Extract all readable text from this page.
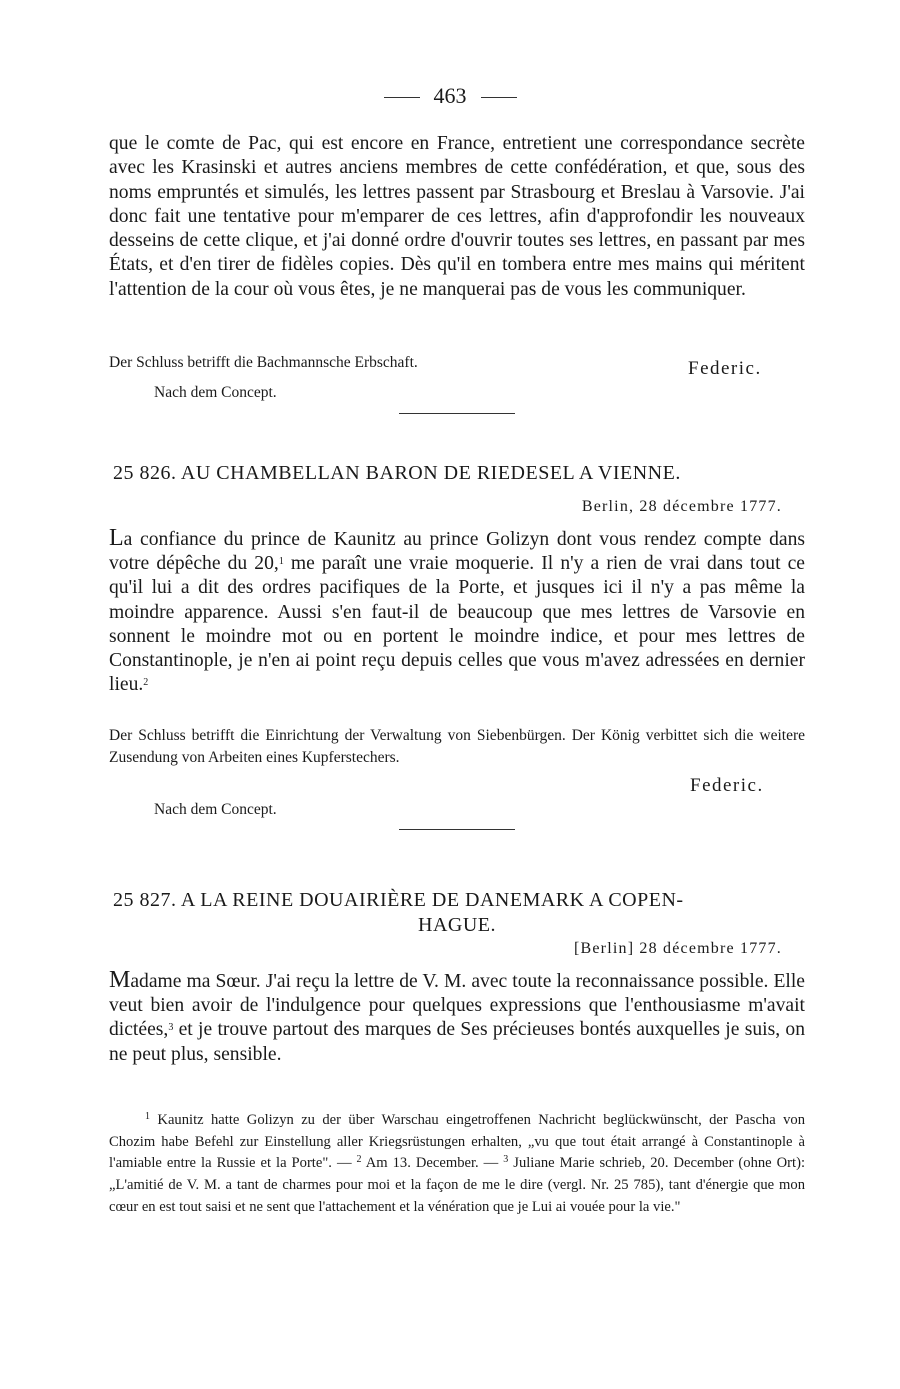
463
que le comte de Pac, qui est encore en France, entretient une correspondance secrète avec les Krasinski et autres anciens membres de cette confédération, et que, sous des noms empruntés et simulés, les lettres passent par Strasbourg et Breslau à Varsovie. J'ai donc fait une tentative pour m'emparer de ces lettres, afin d'approfondir les nouveaux desseins de cette clique, et j'ai donné ordre d'ouvrir toutes ses lettres, en passant par mes États, et d'en tirer de fidèles copies. Dès qu'il en tombera entre mes mains qui méritent l'attention de la cour où vous êtes, je ne manquerai pas de vous les communiquer.
Der Schluss betrifft die Bachmannsche Erbschaft.	Federic.
Nach dem Concept.
25 826. AU CHAMBELLAN BARON DE RIEDESEL A VIENNE.
Berlin, 28 décembre 1777.
La confiance du prince de Kaunitz au prince Golizyn dont vous rendez compte dans votre dépêche du 20,$^1$ me paraît une vraie moquerie. Il n'y a rien de vrai dans tout ce qu'il lui a dit des ordres pacifiques de la Porte, et jusques ici il n'y a pas même la moindre apparence. Aussi s'en faut-il de beaucoup que mes lettres de Varsovie en sonnent le moindre mot ou en portent le moindre indice, et pour mes lettres de Constantinople, je n'en ai point reçu depuis celles que vous m'avez adressées en dernier lieu.$^2$
Der Schluss betrifft die Einrichtung der Verwaltung von Siebenbürgen. Der König verbittet sich die weitere Zusendung von Arbeiten eines Kupferstechers.
Federic.
Nach dem Concept.
25 827. A LA REINE DOUAIRIÈRE DE DANEMARK A COPEN-
HAGUE.
[Berlin] 28 décembre 1777.
Madame ma Sœur. J'ai reçu la lettre de V. M. avec toute la reconnaissance possible. Elle veut bien avoir de l'indulgence pour quelques expressions que l'enthousiasme m'avait dictées,$^3$ et je trouve partout des marques de Ses précieuses bontés auxquelles je suis, on ne peut plus, sensible.
$^1$ Kaunitz hatte Golizyn zu der über Warschau eingetroffenen Nachricht beglückwünscht, der Pascha von Chozim habe Befehl zur Einstellung aller Kriegsrüstungen erhalten, „vu que tout était arrangé à Constantinople à l'amiable entre la Russie et la Porte". — $^2$ Am 13. December. — $^3$ Juliane Marie schrieb, 20. December (ohne Ort): „L'amitié de V. M. a tant de charmes pour moi et la façon de me le dire (vergl. Nr. 25 785), tant d'énergie que mon cœur en est tout saisi et ne sent que l'attachement et la vénération que je Lui ai vouée pour la vie."
